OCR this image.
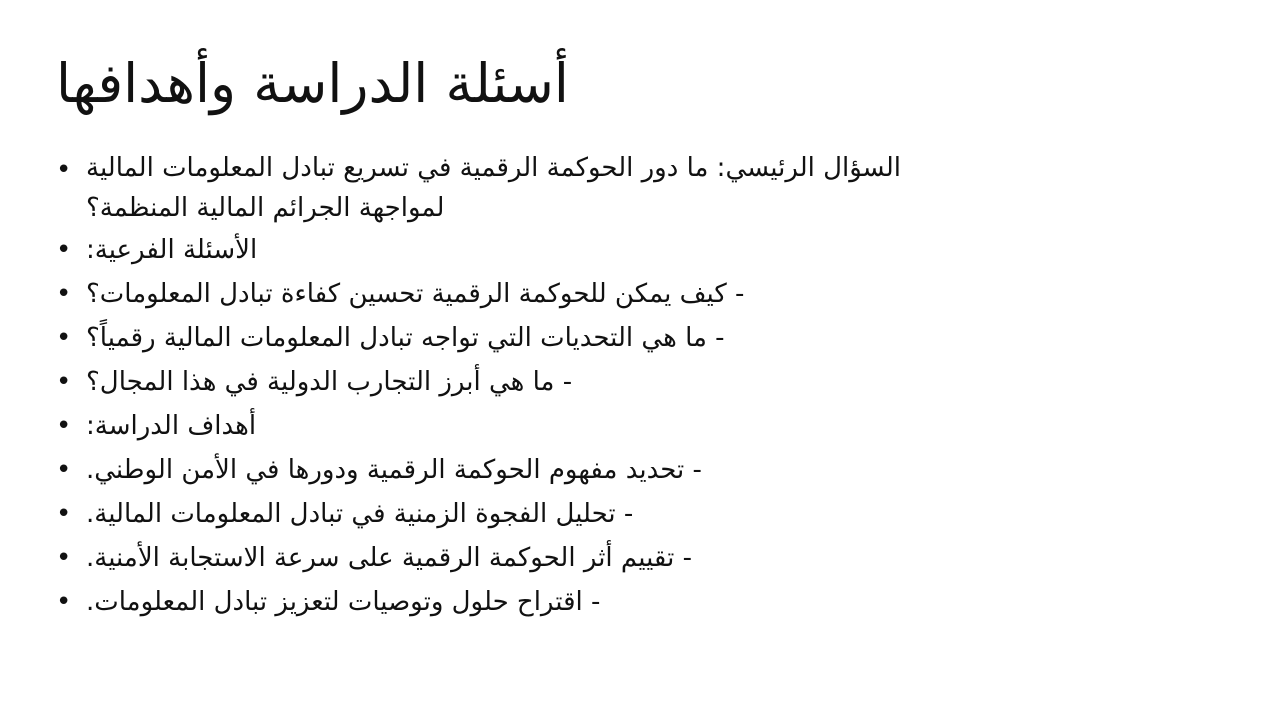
أسئلة الدراسة وأهدافها
• السؤال الرئيسي: ما دور الحوكمة الرقمية في تسريع تبادل المعلومات المالية
لمواجهة الجرائم المالية المنظمة؟
• الأسئلة الفرعية:
• - كيف يمكن للحوكمة الرقمية تحسين كفاءة تبادل المعلومات؟
• - ما هي التحديات التي تواجه تبادل المعلومات المالية رقمياً؟
• - ما هي أبرز التجارب الدولية في هذا المجال؟
• أهداف الدراسة:
• - تحديد مفهوم الحوكمة الرقمية ودورها في الأمن الوطني.
• - تحليل الفجوة الزمنية في تبادل المعلومات المالية.
• - تقييم أثر الحوكمة الرقمية على سرعة الاستجابة الأمنية.
• - اقتراح حلول وتوصيات لتعزيز تبادل المعلومات.
